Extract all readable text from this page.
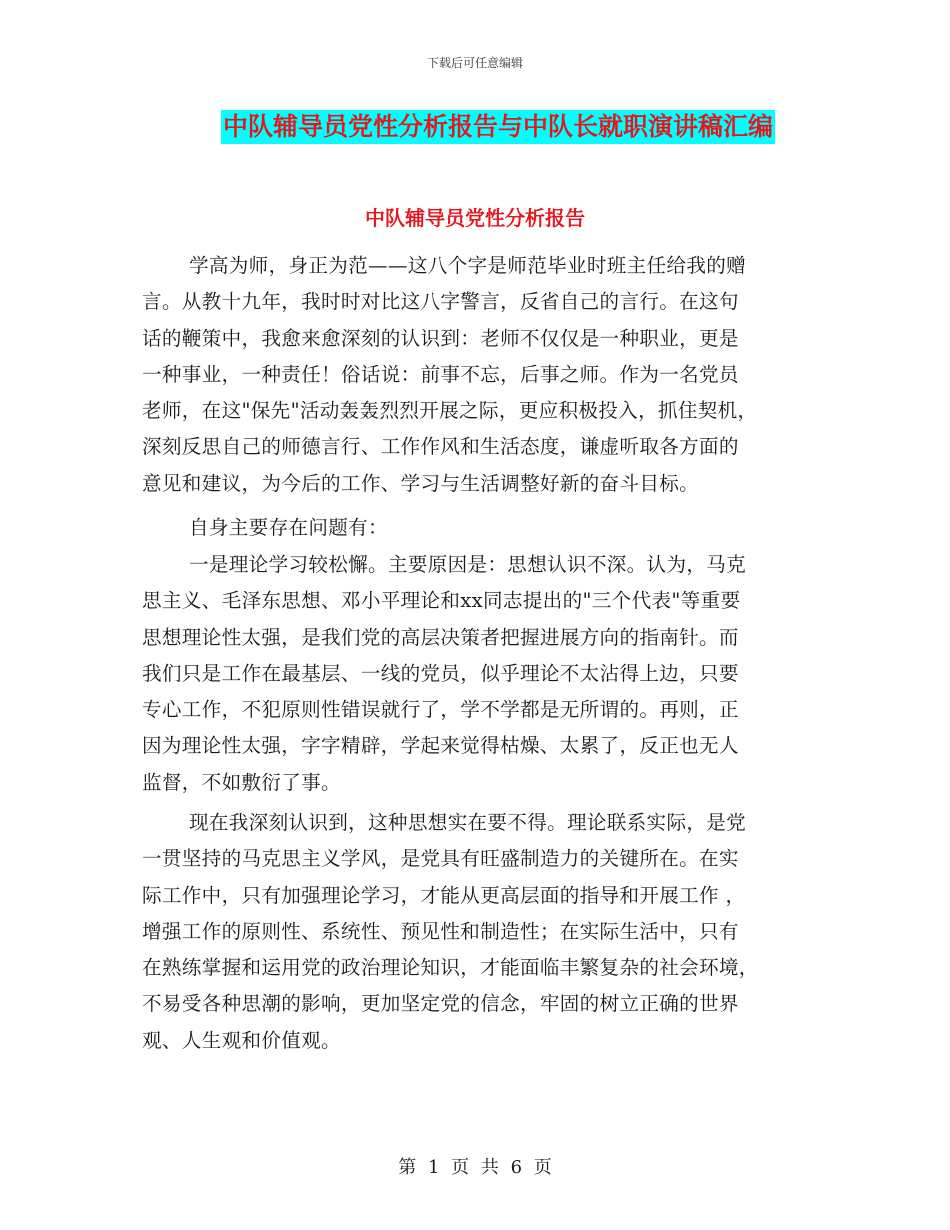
下载后可任意编辑
中队辅导员党性分析报告与中队长就职演讲稿汇编
中队辅导员党性分析报告
学高为师，身正为范——这八个字是师范毕业时班主任给我的赠
言。从教十九年，我时时对比这八字警言，反省自己的言行。在这句
话的鞭策中，我愈来愈深刻的认识到：老师不仅仅是一种职业，更是
一种事业，一种责任！俗话说：前事不忘，后事之师。作为一名党员
老师，在这"保先"活动轰轰烈烈开展之际，更应积极投入，抓住契机，
深刻反思自己的师德言行、工作作风和生活态度，谦虚听取各方面的
意见和建议，为今后的工作、学习与生活调整好新的奋斗目标。
自身主要存在问题有：
一是理论学习较松懈。主要原因是：思想认识不深。认为，马克
思主义、毛泽东思想、邓小平理论和xx同志提出的"三个代表"等重要
思想理论性太强，是我们党的高层决策者把握进展方向的指南针。而
我们只是工作在最基层、一线的党员，似乎理论不太沾得上边，只要
专心工作，不犯原则性错误就行了，学不学都是无所谓的。再则，正
因为理论性太强，字字精辟，学起来觉得枯燥、太累了，反正也无人
监督，不如敷衍了事。
现在我深刻认识到，这种思想实在要不得。理论联系实际，是党
一贯坚持的马克思主义学风，是党具有旺盛制造力的关键所在。在实
际工作中，只有加强理论学习，才能从更高层面的指导和开展工作 ，
增强工作的原则性、系统性、预见性和制造性；在实际生活中，只有
在熟练掌握和运用党的政治理论知识，才能面临丰繁复杂的社会环境，
不易受各种思潮的影响，更加坚定党的信念，牢固的树立正确的世界
观、人生观和价值观。
第 1 页 共 6 页
